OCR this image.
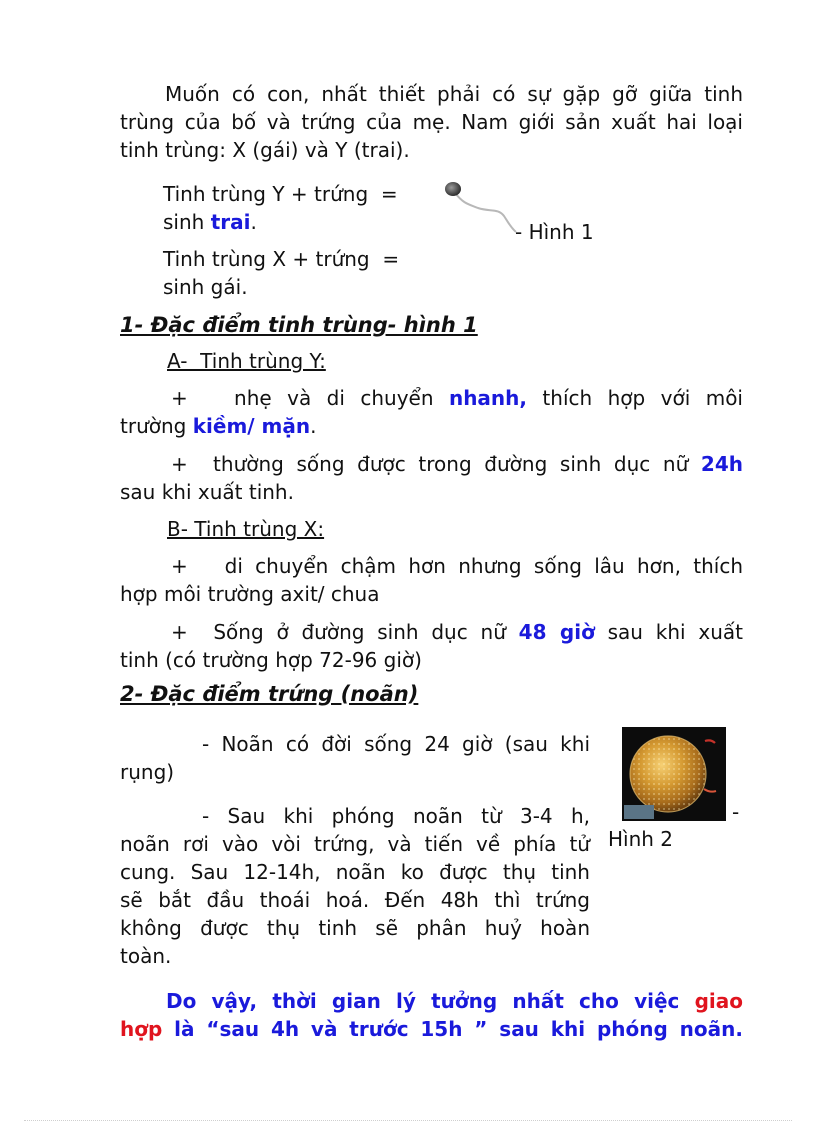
Muốn có con, nhất thiết phải có sự gặp gỡ giữa tinh

trùng của bố và trứng của mẹ. Nam giới sản xuất hai loại

tinh trùng: X (gái) và Y (trai).

Tinh trùng Y + trứng  =

sinh trai.

Tinh trùng X + trứng  =

sinh gái.

- Hình 1

1- Đặc điểm tinh trùng- hình 1

A-  Tinh trùng Y:

+   nhẹ và di chuyển nhanh, thích hợp với môi

trường kiềm/ mặn.

+  thường sống được trong đường sinh dục nữ 24h

sau khi xuất tinh.

B- Tinh trùng X:

+   di chuyển chậm hơn nhưng sống lâu hơn, thích

hợp môi trường axit/ chua

+  Sống ở đường sinh dục nữ 48 giờ sau khi xuất

tinh (có trường hợp 72-96 giờ)

2- Đặc điểm trứng (noãn)

- Noãn có đời sống 24 giờ (sau khi

rụng)

- Sau khi phóng noãn từ 3-4 h,

noãn rơi vào vòi trứng, và tiến về phía tử

cung. Sau 12-14h, noãn ko được thụ tinh

sẽ bắt đầu thoái hoá. Đến 48h thì trứng

không được thụ tinh sẽ phân huỷ hoàn

toàn.

-

Hình 2

Do vậy, thời gian lý tưởng nhất cho việc giao

hợp là “sau 4h và trước 15h ” sau khi phóng noãn.
